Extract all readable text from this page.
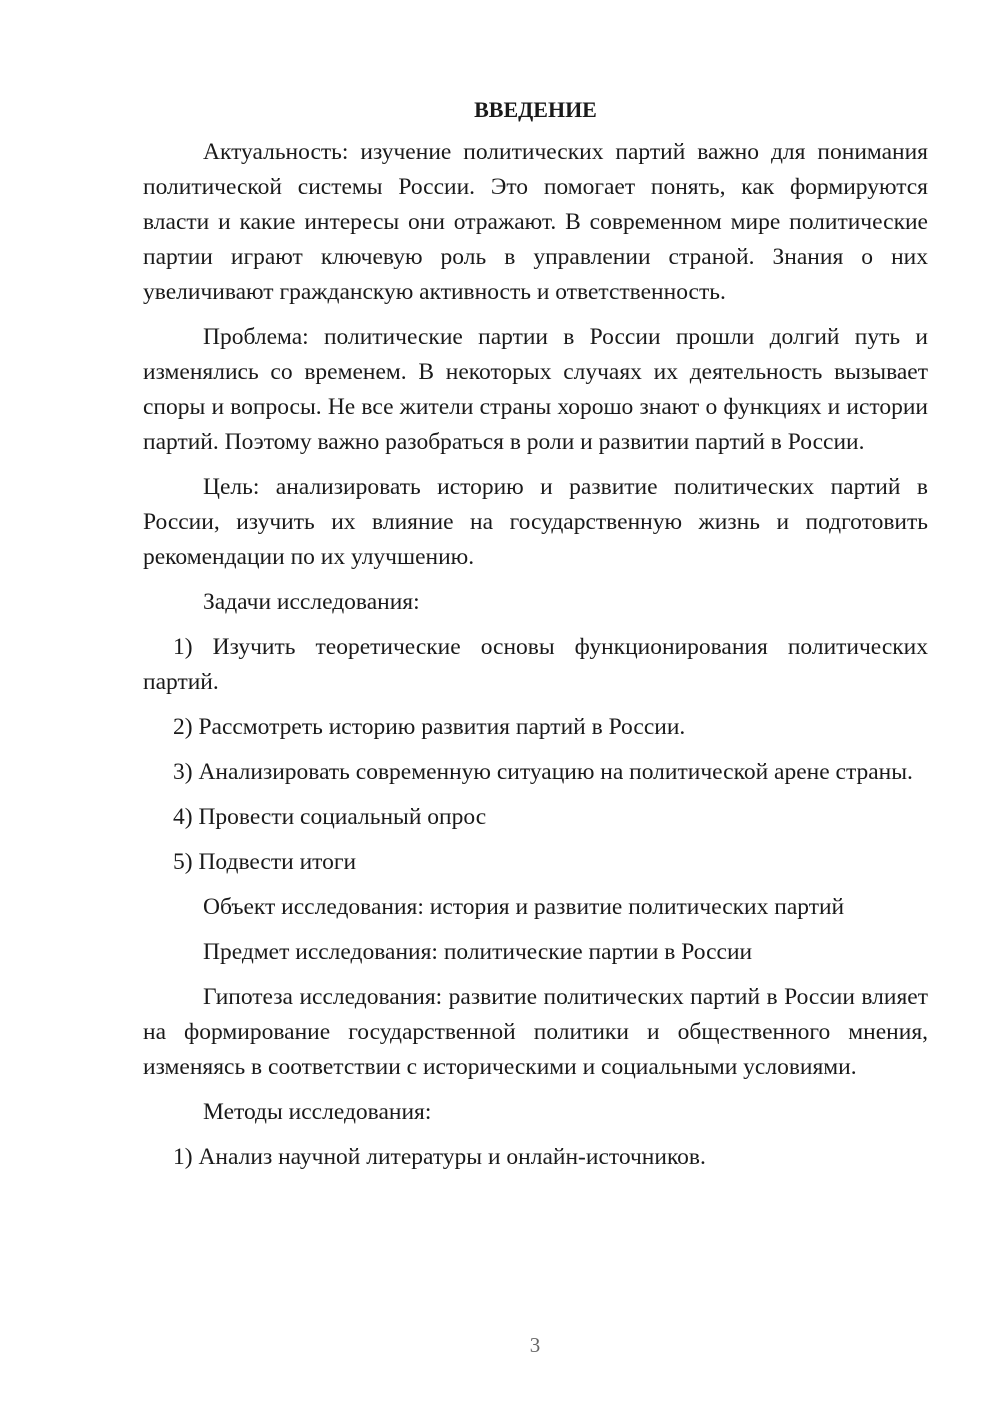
ВВЕДЕНИЕ

Актуальность: изучение политических партий важно для понимания политической системы России. Это помогает понять, как формируются власти и какие интересы они отражают. В современном мире политические партии играют ключевую роль в управлении страной. Знания о них увеличивают гражданскую активность и ответственность.

Проблема: политические партии в России прошли долгий путь и изменялись со временем. В некоторых случаях их деятельность вызывает споры и вопросы. Не все жители страны хорошо знают о функциях и истории партий. Поэтому важно разобраться в роли и развитии партий в России.

Цель: анализировать историю и развитие политических партий в России, изучить их влияние на государственную жизнь и подготовить рекомендации по их улучшению.

Задачи исследования:

1) Изучить теоретические основы функционирования политических партий.

2) Рассмотреть историю развития партий в России.

3) Анализировать современную ситуацию на политической арене страны.

4) Провести социальный опрос

5) Подвести итоги

Объект исследования: история и развитие политических партий

Предмет исследования: политические партии в России

Гипотеза исследования: развитие политических партий в России влияет на формирование государственной политики и общественного мнения, изменяясь в соответствии с историческими и социальными условиями.

Методы исследования:

1) Анализ научной литературы и онлайн-источников.

3
